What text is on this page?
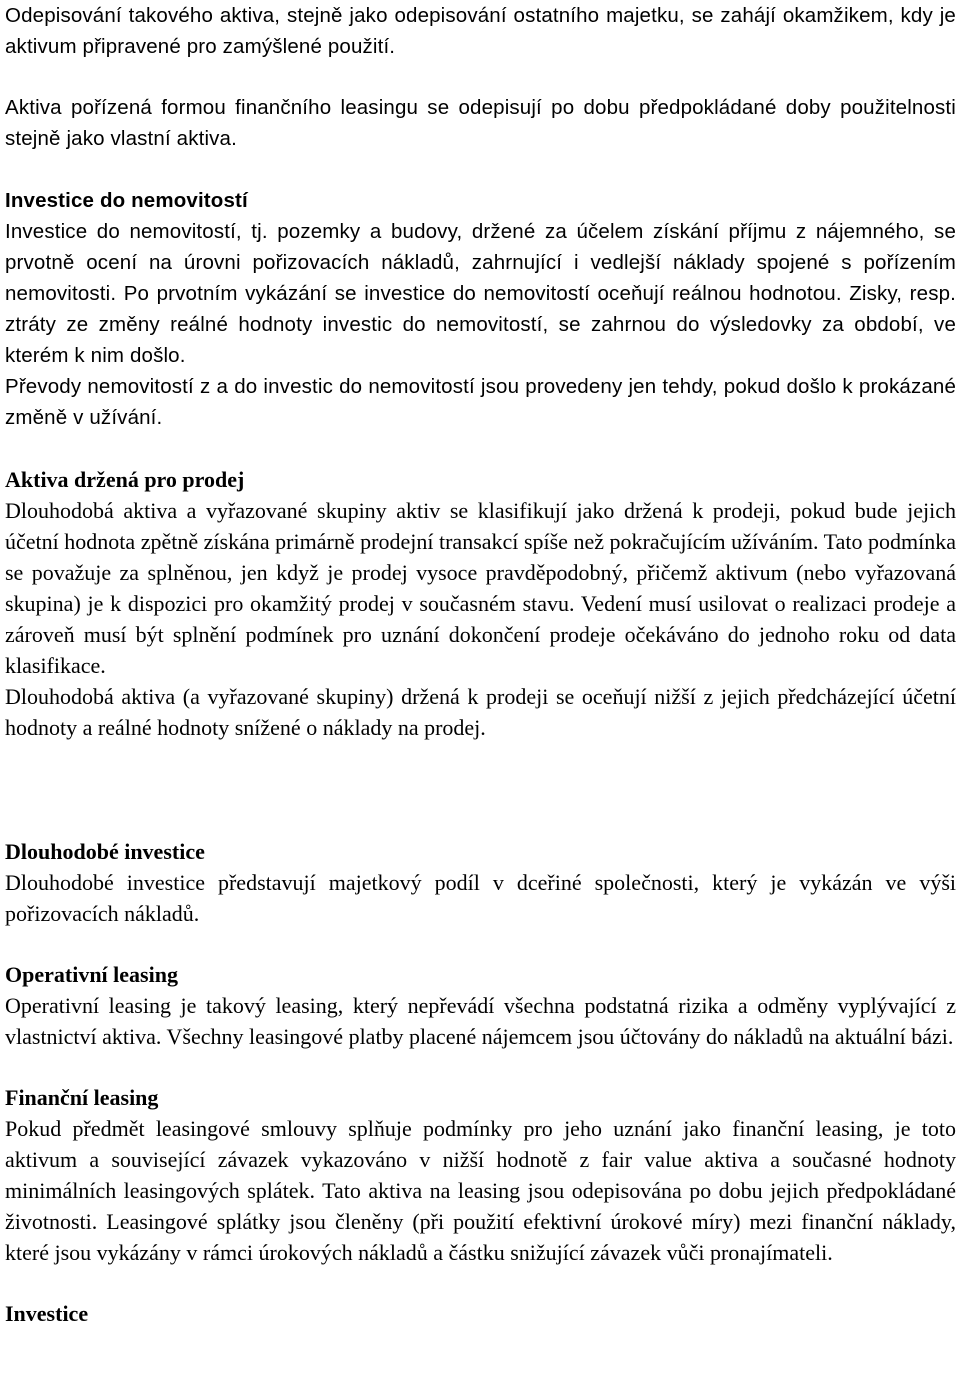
Odepisování takového aktiva, stejně jako odepisování ostatního majetku, se zahájí okamžikem, kdy je aktivum připravené pro zamýšlené použití.

Aktiva pořízená formou finančního leasingu se odepisují po dobu předpokládané doby použitelnosti stejně jako vlastní aktiva.

Investice do nemovitostí

Investice do nemovitostí, tj. pozemky a budovy, držené za účelem získání příjmu z nájemného, se prvotně ocení na úrovni pořizovacích nákladů, zahrnující i vedlejší náklady spojené s pořízením nemovitosti. Po prvotním vykázání se investice do nemovitostí oceňují reálnou hodnotou. Zisky, resp. ztráty ze změny reálné hodnoty investic do nemovitostí, se zahrnou do výsledovky za období, ve kterém k nim došlo.

Převody nemovitostí z a do investic do nemovitostí jsou provedeny jen tehdy, pokud došlo k prokázané změně v užívání.

Aktiva držená pro prodej

Dlouhodobá aktiva a vyřazované skupiny aktiv se klasifikují jako držená k prodeji, pokud bude jejich účetní hodnota zpětně získána primárně prodejní transakcí spíše než pokračujícím užíváním. Tato podmínka se považuje za splněnou, jen když je prodej vysoce pravděpodobný, přičemž aktivum (nebo vyřazovaná skupina) je k dispozici pro okamžitý prodej v současném stavu. Vedení musí usilovat o realizaci prodeje a zároveň musí být splnění podmínek pro uznání dokončení prodeje očekáváno do jednoho roku od data klasifikace.

Dlouhodobá aktiva (a vyřazované skupiny) držená k prodeji se oceňují nižší z jejich předcházející účetní hodnoty a reálné hodnoty snížené o náklady na prodej.

Dlouhodobé investice

Dlouhodobé investice představují majetkový podíl v dceřiné společnosti, který je vykázán ve výši pořizovacích nákladů.

Operativní leasing

Operativní leasing je takový leasing, který nepřevádí všechna podstatná rizika a odměny vyplývající z vlastnictví aktiva. Všechny leasingové platby placené nájemcem jsou účtovány do nákladů na aktuální bázi.

Finanční leasing

Pokud předmět leasingové smlouvy splňuje podmínky pro jeho uznání jako finanční leasing, je toto aktivum a související závazek vykazováno v nižší hodnotě z fair value aktiva a současné hodnoty minimálních leasingových splátek. Tato aktiva na leasing jsou odepisována po dobu jejich předpokládané životnosti. Leasingové splátky jsou členěny (při použití efektivní úrokové míry) mezi finanční náklady, které jsou vykázány v rámci úrokových nákladů a částku snižující závazek vůči pronajímateli.

Investice
